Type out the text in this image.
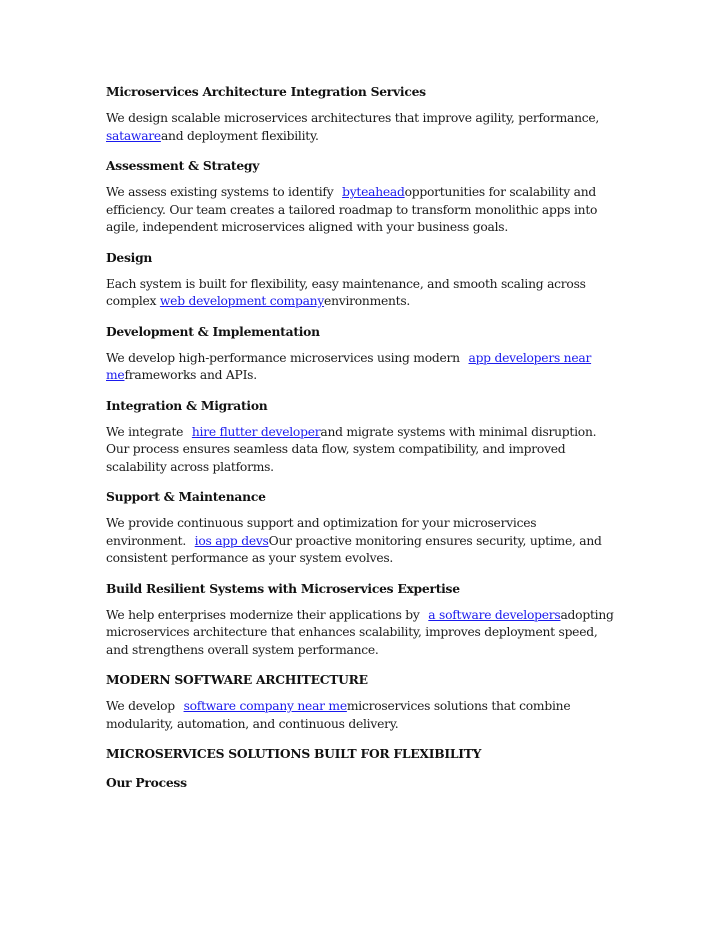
Microservices Architecture Integration Services

We design scalable microservices architectures that improve agility, performance, satawareand deployment flexibility.

Assessment & Strategy

We assess existing systems to identify byteaheadopportunities for scalability and efficiency. Our team creates a tailored roadmap to transform monolithic apps into agile, independent microservices aligned with your business goals.

Design

Each system is built for flexibility, easy maintenance, and smooth scaling across complex web development companyenvironments.

Development & Implementation

We develop high-performance microservices using modern app developers near meframeworks and APIs.

Integration & Migration

We integrate hire flutter developerand migrate systems with minimal disruption. Our process ensures seamless data flow, system compatibility, and improved scalability across platforms.

Support & Maintenance

We provide continuous support and optimization for your microservices environment. ios app devsOur proactive monitoring ensures security, uptime, and consistent performance as your system evolves.

Build Resilient Systems with Microservices Expertise

We help enterprises modernize their applications by a software developersadopting microservices architecture that enhances scalability, improves deployment speed, and strengthens overall system performance.

MODERN SOFTWARE ARCHITECTURE

We develop software company near memicroservices solutions that combine modularity, automation, and continuous delivery.

MICROSERVICES SOLUTIONS BUILT FOR FLEXIBILITY
Our Process
